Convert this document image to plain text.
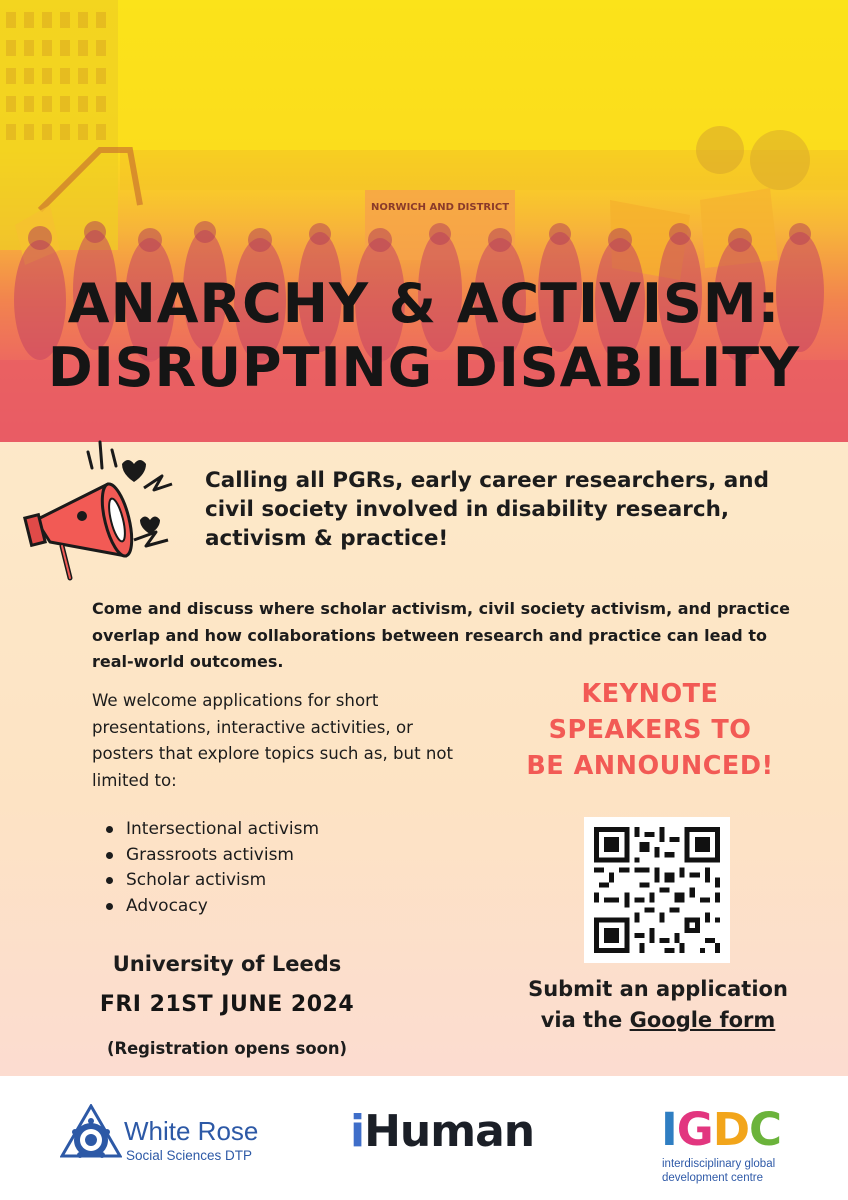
NORWICH AND DISTRICT
ANARCHY & ACTIVISM:
DISRUPTING DISABILITY

Calling all PGRs, early career researchers, and civil society involved in disability research, activism & practice!

Come and discuss where scholar activism, civil society activism, and practice overlap and how collaborations between research and practice can lead to real-world outcomes.

We welcome applications for short presentations, interactive activities, or posters that explore topics such as, but not limited to:

Intersectional activism
Grassroots activism
Scholar activism
Advocacy
KEYNOTE
SPEAKERS TO
BE ANNOUNCED!
Submit an application
via the Google form
University of Leeds
FRI 21ST JUNE 2024
(Registration opens soon)
White Rose
Social Sciences DTP iHuman	IGDC
interdisciplinary global development centre
